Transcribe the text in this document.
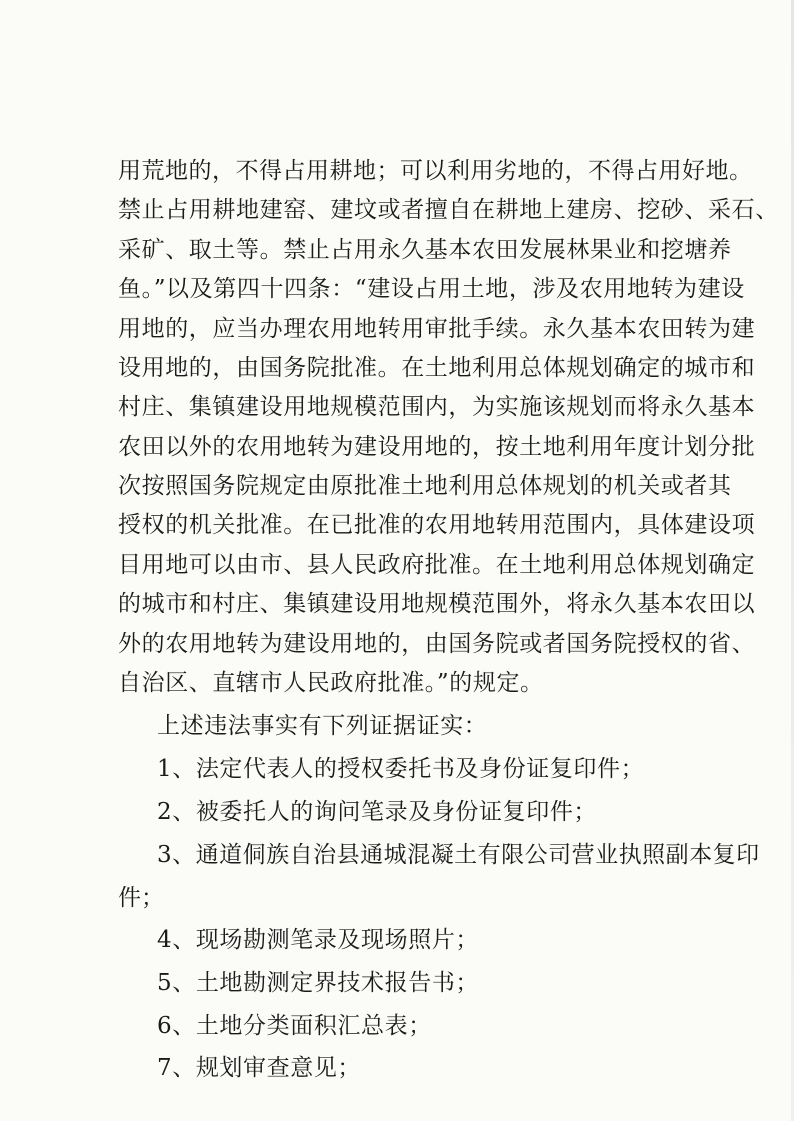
用荒地的，不得占用耕地；可以利用劣地的，不得占用好地。
禁止占用耕地建窑、建坟或者擅自在耕地上建房、挖砂、采石、
采矿、取土等。禁止占用永久基本农田发展林果业和挖塘养
鱼。”以及第四十四条：“建设占用土地，涉及农用地转为建设
用地的，应当办理农用地转用审批手续。永久基本农田转为建
设用地的，由国务院批准。在土地利用总体规划确定的城市和
村庄、集镇建设用地规模范围内，为实施该规划而将永久基本
农田以外的农用地转为建设用地的，按土地利用年度计划分批
次按照国务院规定由原批准土地利用总体规划的机关或者其
授权的机关批准。在已批准的农用地转用范围内，具体建设项
目用地可以由市、县人民政府批准。在土地利用总体规划确定
的城市和村庄、集镇建设用地规模范围外，将永久基本农田以
外的农用地转为建设用地的，由国务院或者国务院授权的省、
上述违法事实有下列证据证实：
1、法定代表人的授权委托书及身份证复印件；
2、被委托人的询问笔录及身份证复印件；
3、通道侗族自治县通城混凝土有限公司营业执照副本复印
件；
4、现场勘测笔录及现场照片；
5、土地勘测定界技术报告书；
6、土地分类面积汇总表；
7、规划审查意见；
自治区、直辖市人民政府批准。”的规定。
